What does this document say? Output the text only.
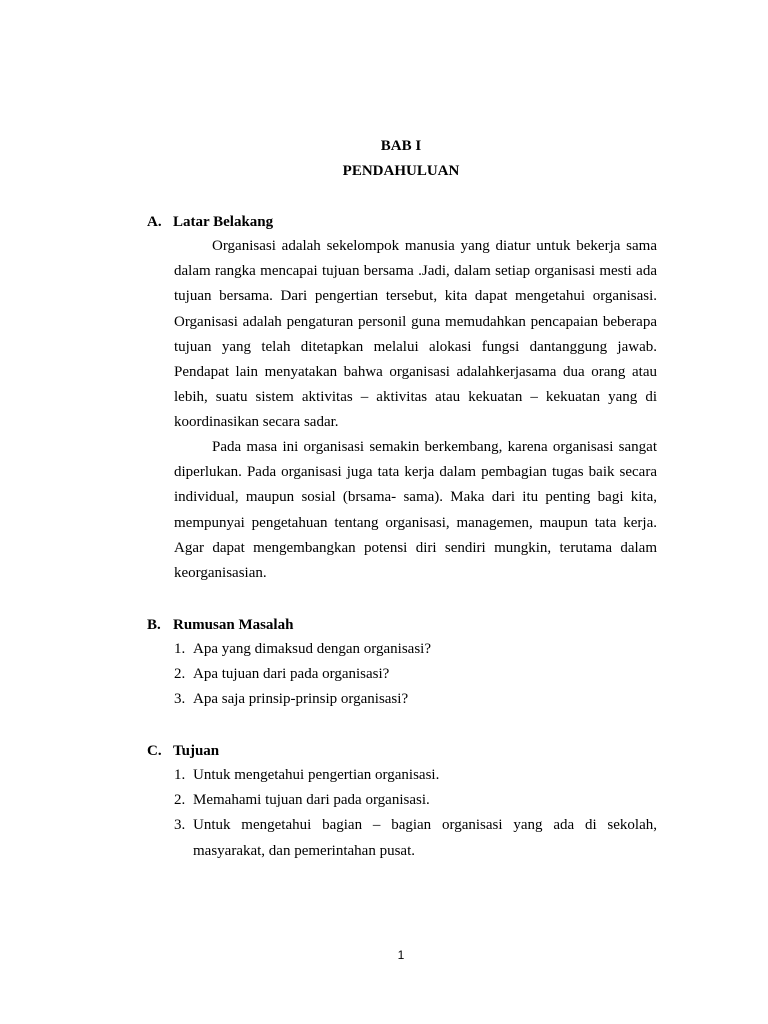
BAB I
PENDAHULUAN
A. Latar Belakang

Organisasi adalah sekelompok manusia yang diatur untuk bekerja sama dalam rangka mencapai tujuan bersama .Jadi, dalam setiap organisasi mesti ada tujuan bersama. Dari pengertian tersebut, kita dapat mengetahui organisasi. Organisasi adalah pengaturan personil guna memudahkan pencapaian beberapa tujuan yang telah ditetapkan melalui alokasi fungsi dantanggung jawab. Pendapat lain menyatakan bahwa organisasi adalahkerjasama dua orang atau lebih, suatu sistem aktivitas – aktivitas atau kekuatan – kekuatan yang di koordinasikan secara sadar.

Pada masa ini organisasi semakin berkembang, karena organisasi sangat diperlukan. Pada organisasi juga tata kerja dalam pembagian tugas baik secara individual, maupun sosial (brsama- sama). Maka dari itu penting bagi kita, mempunyai pengetahuan tentang organisasi, managemen, maupun tata kerja. Agar dapat mengembangkan potensi diri sendiri mungkin, terutama dalam keorganisasian.

B. Rumusan Masalah
1. Apa yang dimaksud dengan organisasi?
2. Apa tujuan dari pada organisasi?
3. Apa saja prinsip-prinsip organisasi?
C. Tujuan
1. Untuk mengetahui pengertian organisasi.
2. Memahami tujuan dari pada organisasi.
3. Untuk mengetahui bagian – bagian organisasi yang ada di sekolah, masyarakat, dan pemerintahan pusat.
1
